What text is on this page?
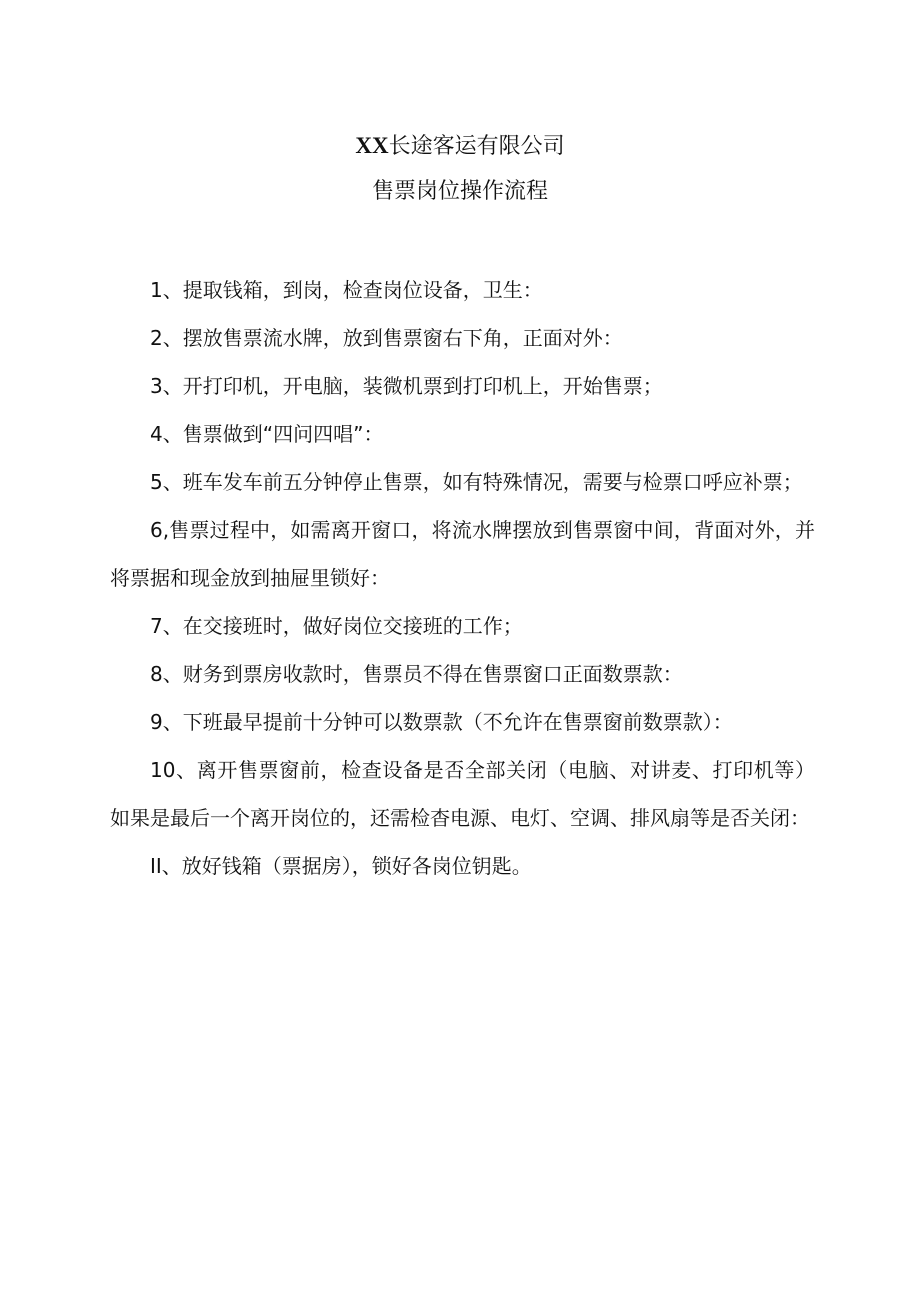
XX长途客运有限公司
售票岗位操作流程

1、提取钱箱，到岗，检查岗位设备，卫生：

2、摆放售票流水牌，放到售票窗右下角，正面对外：

3、开打印机，开电脑，装微机票到打印机上，开始售票；

4、售票做到“四问四唱”：

5、班车发车前五分钟停止售票，如有特殊情况，需要与检票口呼应补票；

6,售票过程中，如需离开窗口，将流水牌摆放到售票窗中间，背面对外，并将票据和现金放到抽屉里锁好：

7、在交接班时，做好岗位交接班的工作；

8、财务到票房收款时，售票员不得在售票窗口正面数票款：

9、下班最早提前十分钟可以数票款（不允许在售票窗前数票款）：

10、离开售票窗前，检查设备是否全部关闭（电脑、对讲麦、打印机等）如果是最后一个离开岗位的，还需检杳电源、电灯、空调、排风扇等是否关闭：

II、放好钱箱（票据房），锁好各岗位钥匙。
